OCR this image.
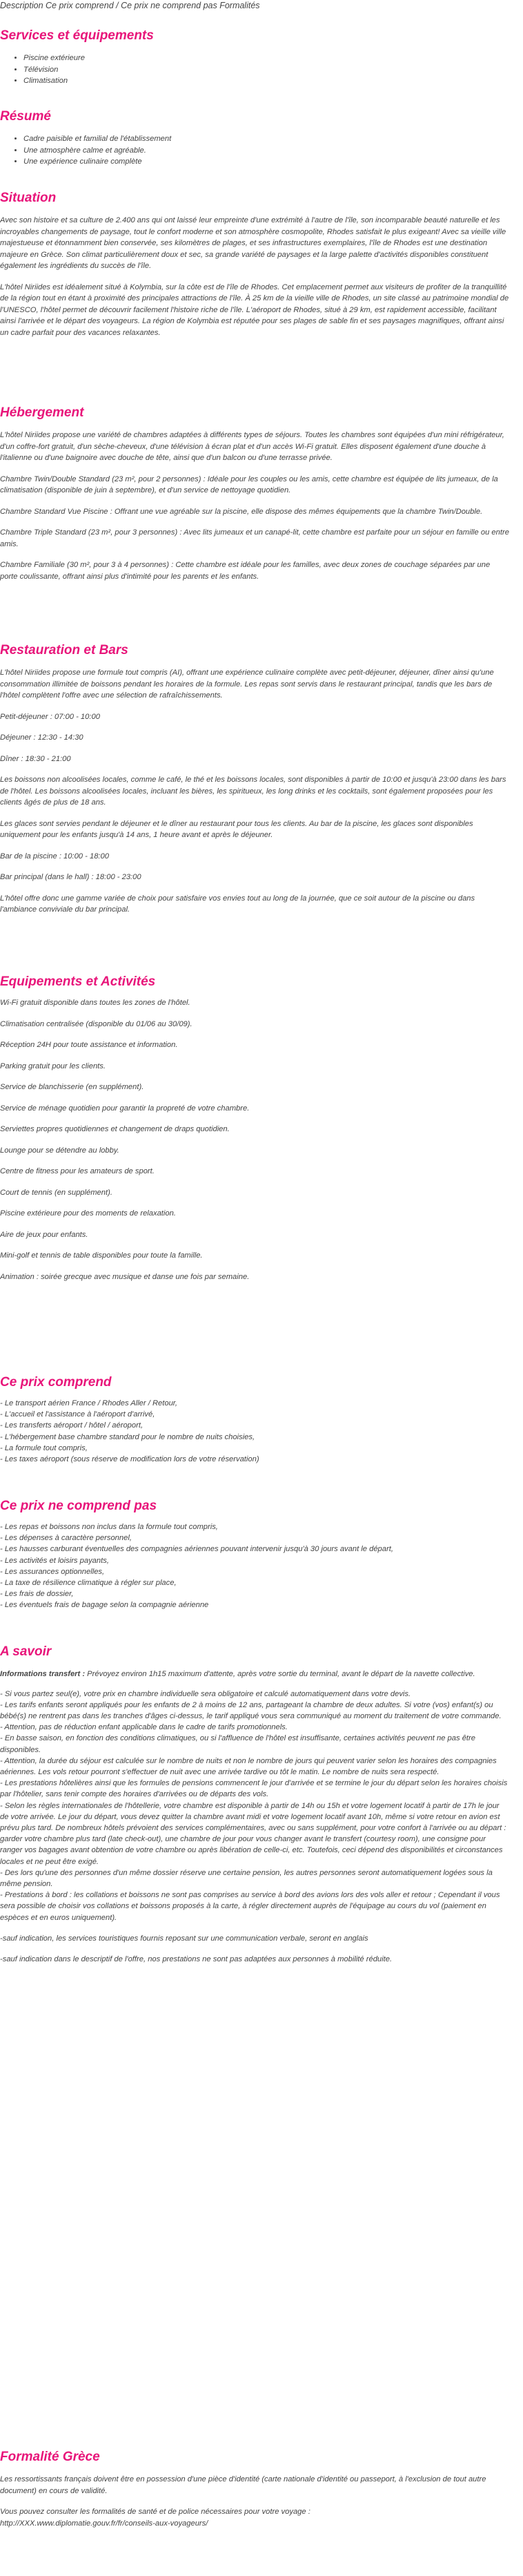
Description Ce prix comprend / Ce prix ne comprend pas Formalités
Services et équipements
• Piscine extérieure
• Télévision
• Climatisation
Résumé
• Cadre paisible et familial de l'établissement
• Une atmosphère calme et agréable.
• Une expérience culinaire complète
Situation

Avec son histoire et sa culture de 2.400 ans qui ont laissé leur empreinte d'une extrémité à l'autre de l'île, son incomparable beauté naturelle et les incroyables changements de paysage, tout le confort moderne et son atmosphère cosmopolite, Rhodes satisfait le plus exigeant! Avec sa vieille ville majestueuse et étonnamment bien conservée, ses kilomètres de plages, et ses infrastructures exemplaires, l'île de Rhodes est une destination majeure en Grèce. Son climat particulièrement doux et sec, sa grande variété de paysages et la large palette d'activités disponibles constituent également les ingrédients du succès de l'île.

L'hôtel Niriides est idéalement situé à Kolymbia, sur la côte est de l'île de Rhodes. Cet emplacement permet aux visiteurs de profiter de la tranquillité de la région tout en étant à proximité des principales attractions de l'île. À 25 km de la vieille ville de Rhodes, un site classé au patrimoine mondial de l'UNESCO, l'hôtel permet de découvrir facilement l'histoire riche de l'île. L'aéroport de Rhodes, situé à 29 km, est rapidement accessible, facilitant ainsi l'arrivée et le départ des voyageurs. La région de Kolymbia est réputée pour ses plages de sable fin et ses paysages magnifiques, offrant ainsi un cadre parfait pour des vacances relaxantes.

Hébergement

L'hôtel Niriides propose une variété de chambres adaptées à différents types de séjours. Toutes les chambres sont équipées d'un mini réfrigérateur, d'un coffre-fort gratuit, d'un sèche-cheveux, d'une télévision à écran plat et d'un accès Wi-Fi gratuit. Elles disposent également d'une douche à l'italienne ou d'une baignoire avec douche de tête, ainsi que d'un balcon ou d'une terrasse privée.

Chambre Twin/Double Standard (23 m², pour 2 personnes) : Idéale pour les couples ou les amis, cette chambre est équipée de lits jumeaux, de la climatisation (disponible de juin à septembre), et d'un service de nettoyage quotidien.

Chambre Standard Vue Piscine : Offrant une vue agréable sur la piscine, elle dispose des mêmes équipements que la chambre Twin/Double.

Chambre Triple Standard (23 m², pour 3 personnes) : Avec lits jumeaux et un canapé-lit, cette chambre est parfaite pour un séjour en famille ou entre amis.

Chambre Familiale (30 m², pour 3 à 4 personnes) : Cette chambre est idéale pour les familles, avec deux zones de couchage séparées par une porte coulissante, offrant ainsi plus d'intimité pour les parents et les enfants.

Restauration et Bars

L'hôtel Niriides propose une formule tout compris (AI), offrant une expérience culinaire complète avec petit-déjeuner, déjeuner, dîner ainsi qu'une consommation illimitée de boissons pendant les horaires de la formule. Les repas sont servis dans le restaurant principal, tandis que les bars de l'hôtel complètent l'offre avec une sélection de rafraîchissements.

Petit-déjeuner : 07:00 - 10:00

Déjeuner : 12:30 - 14:30

Dîner : 18:30 - 21:00

Les boissons non alcoolisées locales, comme le café, le thé et les boissons locales, sont disponibles à partir de 10:00 et jusqu'à 23:00 dans les bars de l'hôtel. Les boissons alcoolisées locales, incluant les bières, les spiritueux, les long drinks et les cocktails, sont également proposées pour les clients âgés de plus de 18 ans.

Les glaces sont servies pendant le déjeuner et le dîner au restaurant pour tous les clients. Au bar de la piscine, les glaces sont disponibles uniquement pour les enfants jusqu'à 14 ans, 1 heure avant et après le déjeuner.

Bar de la piscine : 10:00 - 18:00

Bar principal (dans le hall) : 18:00 - 23:00

L'hôtel offre donc une gamme variée de choix pour satisfaire vos envies tout au long de la journée, que ce soit autour de la piscine ou dans l'ambiance conviviale du bar principal.

Equipements et Activités

Wi-Fi gratuit disponible dans toutes les zones de l'hôtel.

Climatisation centralisée (disponible du 01/06 au 30/09).

Réception 24H pour toute assistance et information.

Parking gratuit pour les clients.

Service de blanchisserie (en supplément).

Service de ménage quotidien pour garantir la propreté de votre chambre.

Serviettes propres quotidiennes et changement de draps quotidien.

Lounge pour se détendre au lobby.

Centre de fitness pour les amateurs de sport.

Court de tennis (en supplément).

Piscine extérieure pour des moments de relaxation.

Aire de jeux pour enfants.

Mini-golf et tennis de table disponibles pour toute la famille.

Animation : soirée grecque avec musique et danse une fois par semaine.

Ce prix comprend
- Le transport aérien France / Rhodes Aller / Retour,
- L'accueil et l'assistance à l'aéroport d'arrivé,
- Les transferts aéroport / hôtel / aéroport,
- L'hébergement base chambre standard pour le nombre de nuits choisies,
- La formule tout compris,
- Les taxes aéroport (sous réserve de modification lors de votre réservation)
Ce prix ne comprend pas
- Les repas et boissons non inclus dans la formule tout compris,
- Les dépenses à caractère personnel,
- Les hausses carburant éventuelles des compagnies aériennes pouvant intervenir jusqu'à 30 jours avant le départ,
- Les activités et loisirs payants,
- Les assurances optionnelles,
- La taxe de résilience climatique à régler sur place,
- Les frais de dossier,
- Les éventuels frais de bagage selon la compagnie aérienne
A savoir

Informations transfert : Prévoyez environ 1h15 maximum d'attente, après votre sortie du terminal, avant le départ de la navette collective.

- Si vous partez seul(e), votre prix en chambre individuelle sera obligatoire et calculé automatiquement dans votre devis.
- Les tarifs enfants seront appliqués pour les enfants de 2 à moins de 12 ans, partageant la chambre de deux adultes. Si votre (vos) enfant(s) ou bébé(s) ne rentrent pas dans les tranches d'âges ci-dessus, le tarif appliqué vous sera communiqué au moment du traitement de votre commande.
- Attention, pas de réduction enfant applicable dans le cadre de tarifs promotionnels.
- En basse saison, en fonction des conditions climatiques, ou si l'affluence de l'hôtel est insuffisante, certaines activités peuvent ne pas être disponibles.
- Attention, la durée du séjour est calculée sur le nombre de nuits et non le nombre de jours qui peuvent varier selon les horaires des compagnies aériennes. Les vols retour pourront s'effectuer de nuit avec une arrivée tardive ou tôt le matin. Le nombre de nuits sera respecté.
- Les prestations hôtelières ainsi que les formules de pensions commencent le jour d'arrivée et se termine le jour du départ selon les horaires choisis par l'hôtelier, sans tenir compte des horaires d'arrivées ou de départs des vols.
- Selon les règles internationales de l'hôtellerie, votre chambre est disponible à partir de 14h ou 15h et votre logement locatif à partir de 17h le jour de votre arrivée. Le jour du départ, vous devez quitter la chambre avant midi et votre logement locatif avant 10h, même si votre retour en avion est prévu plus tard. De nombreux hôtels prévoient des services complémentaires, avec ou sans supplément, pour votre confort à l'arrivée ou au départ : garder votre chambre plus tard (late check-out), une chambre de jour pour vous changer avant le transfert (courtesy room), une consigne pour ranger vos bagages avant obtention de votre chambre ou après libération de celle-ci, etc. Toutefois, ceci dépend des disponibilités et circonstances locales et ne peut être exigé.
- Des lors qu'une des personnes d'un même dossier réserve une certaine pension, les autres personnes seront automatiquement logées sous la même pension.
- Prestations à bord : les collations et boissons ne sont pas comprises au service à bord des avions lors des vols aller et retour ; Cependant il vous sera possible de choisir vos collations et boissons proposés à la carte, à régler directement auprès de l'équipage au cours du vol (paiement en espèces et en euros uniquement).

-sauf indication, les services touristiques fournis reposant sur une communication verbale, seront en anglais

-sauf indication dans le descriptif de l'offre, nos prestations ne sont pas adaptées aux personnes à mobilité réduite.

Formalité Grèce

Les ressortissants français doivent être en possession d'une pièce d'identité (carte nationale d'identité ou passeport, à l'exclusion de tout autre document) en cours de validité.

Vous pouvez consulter les formalités de santé et de police nécessaires pour votre voyage :

http://XXX.www.diplomatie.gouv.fr/fr/conseils-aux-voyageurs/
